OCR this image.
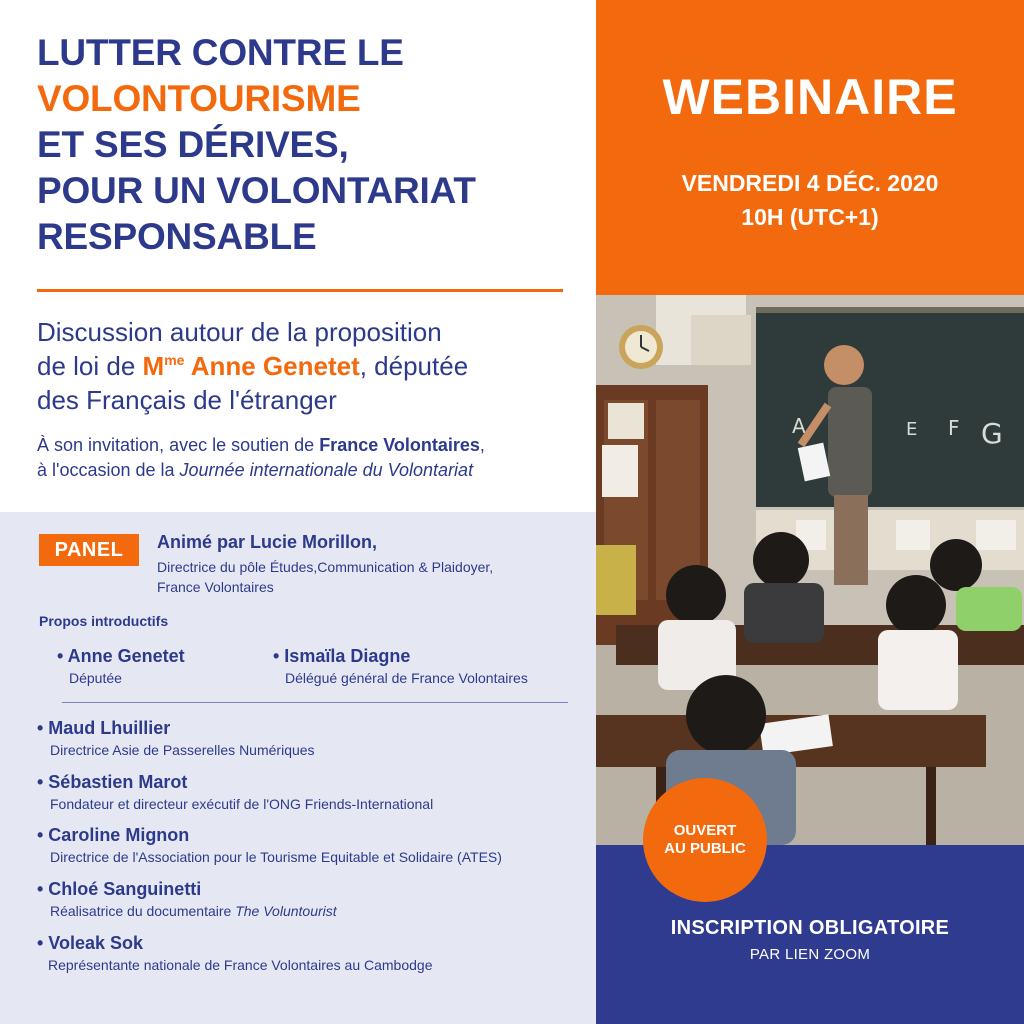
LUTTER CONTRE LE
VOLONTOURISME
ET SES DÉRIVES,
POUR UN VOLONTARIAT
RESPONSABLE
Discussion autour de la proposition
de loi de $M^{me}$ Anne Genetet, députée
des Français de l'étranger
À son invitation, avec le soutien de France Volontaires,
à l'occasion de la Journée internationale du Volontariat
PANEL	Animé par Lucie Morillon,
Directrice du pôle Études,Communication & Plaidoyer,
France Volontaires
Propos introductifs
• Anne Genetet
Députée
• Ismaïla Diagne
Délégué général de France Volontaires
• Maud Lhuillier
Directrice Asie de Passerelles Numériques
• Sébastien Marot
Fondateur et directeur exécutif de l'ONG Friends-International
• Caroline Mignon
Directrice de l'Association pour le Tourisme Equitable et Solidaire (ATES)
• Chloé Sanguinetti
Réalisatrice du documentaire The Voluntourist
• Voleak Sok
Représentante nationale de France Volontaires au Cambodge
WEBINAIRE
VENDREDI 4 DÉC. 2020
10H (UTC+1)
A	E F G
INSCRIPTION OBLIGATOIRE
PAR LIEN ZOOM
OUVERT
AU PUBLIC
